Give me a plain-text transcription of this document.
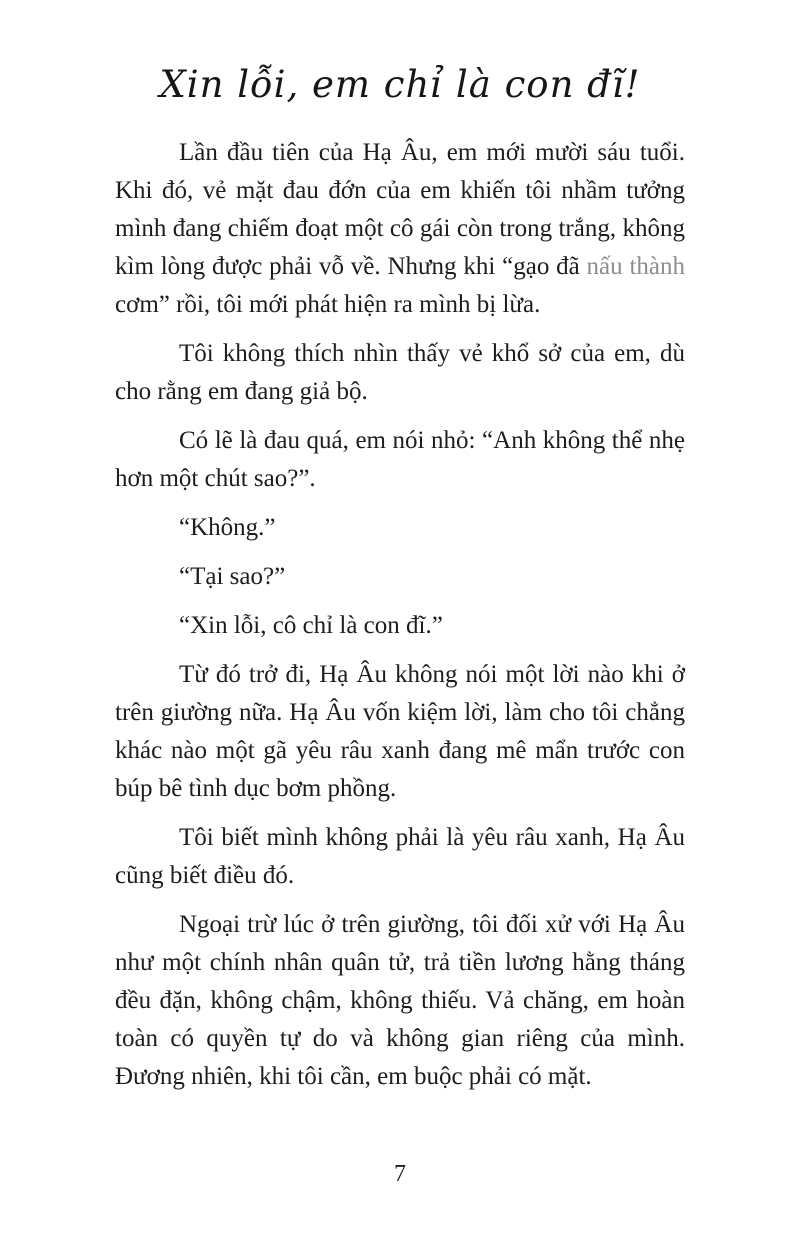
Xin lỗi, em chỉ là con đĩ!

Lần đầu tiên của Hạ Âu, em mới mười sáu tuổi. Khi đó, vẻ mặt đau đớn của em khiến tôi nhầm tưởng mình đang chiếm đoạt một cô gái còn trong trắng, không kìm lòng được phải vỗ về. Nhưng khi “gạo đã nấu thành cơm” rồi, tôi mới phát hiện ra mình bị lừa.

Tôi không thích nhìn thấy vẻ khổ sở của em, dù cho rằng em đang giả bộ.

Có lẽ là đau quá, em nói nhỏ: “Anh không thể nhẹ hơn một chút sao?”.

“Không.”

“Tại sao?”

“Xin lỗi, cô chỉ là con đĩ.”

Từ đó trở đi, Hạ Âu không nói một lời nào khi ở trên giường nữa. Hạ Âu vốn kiệm lời, làm cho tôi chẳng khác nào một gã yêu râu xanh đang mê mẩn trước con búp bê tình dục bơm phồng.

Tôi biết mình không phải là yêu râu xanh, Hạ Âu cũng biết điều đó.

Ngoại trừ lúc ở trên giường, tôi đối xử với Hạ Âu như một chính nhân quân tử, trả tiền lương hằng tháng đều đặn, không chậm, không thiếu. Vả chăng, em hoàn toàn có quyền tự do và không gian riêng của mình. Đương nhiên, khi tôi cần, em buộc phải có mặt.

7
